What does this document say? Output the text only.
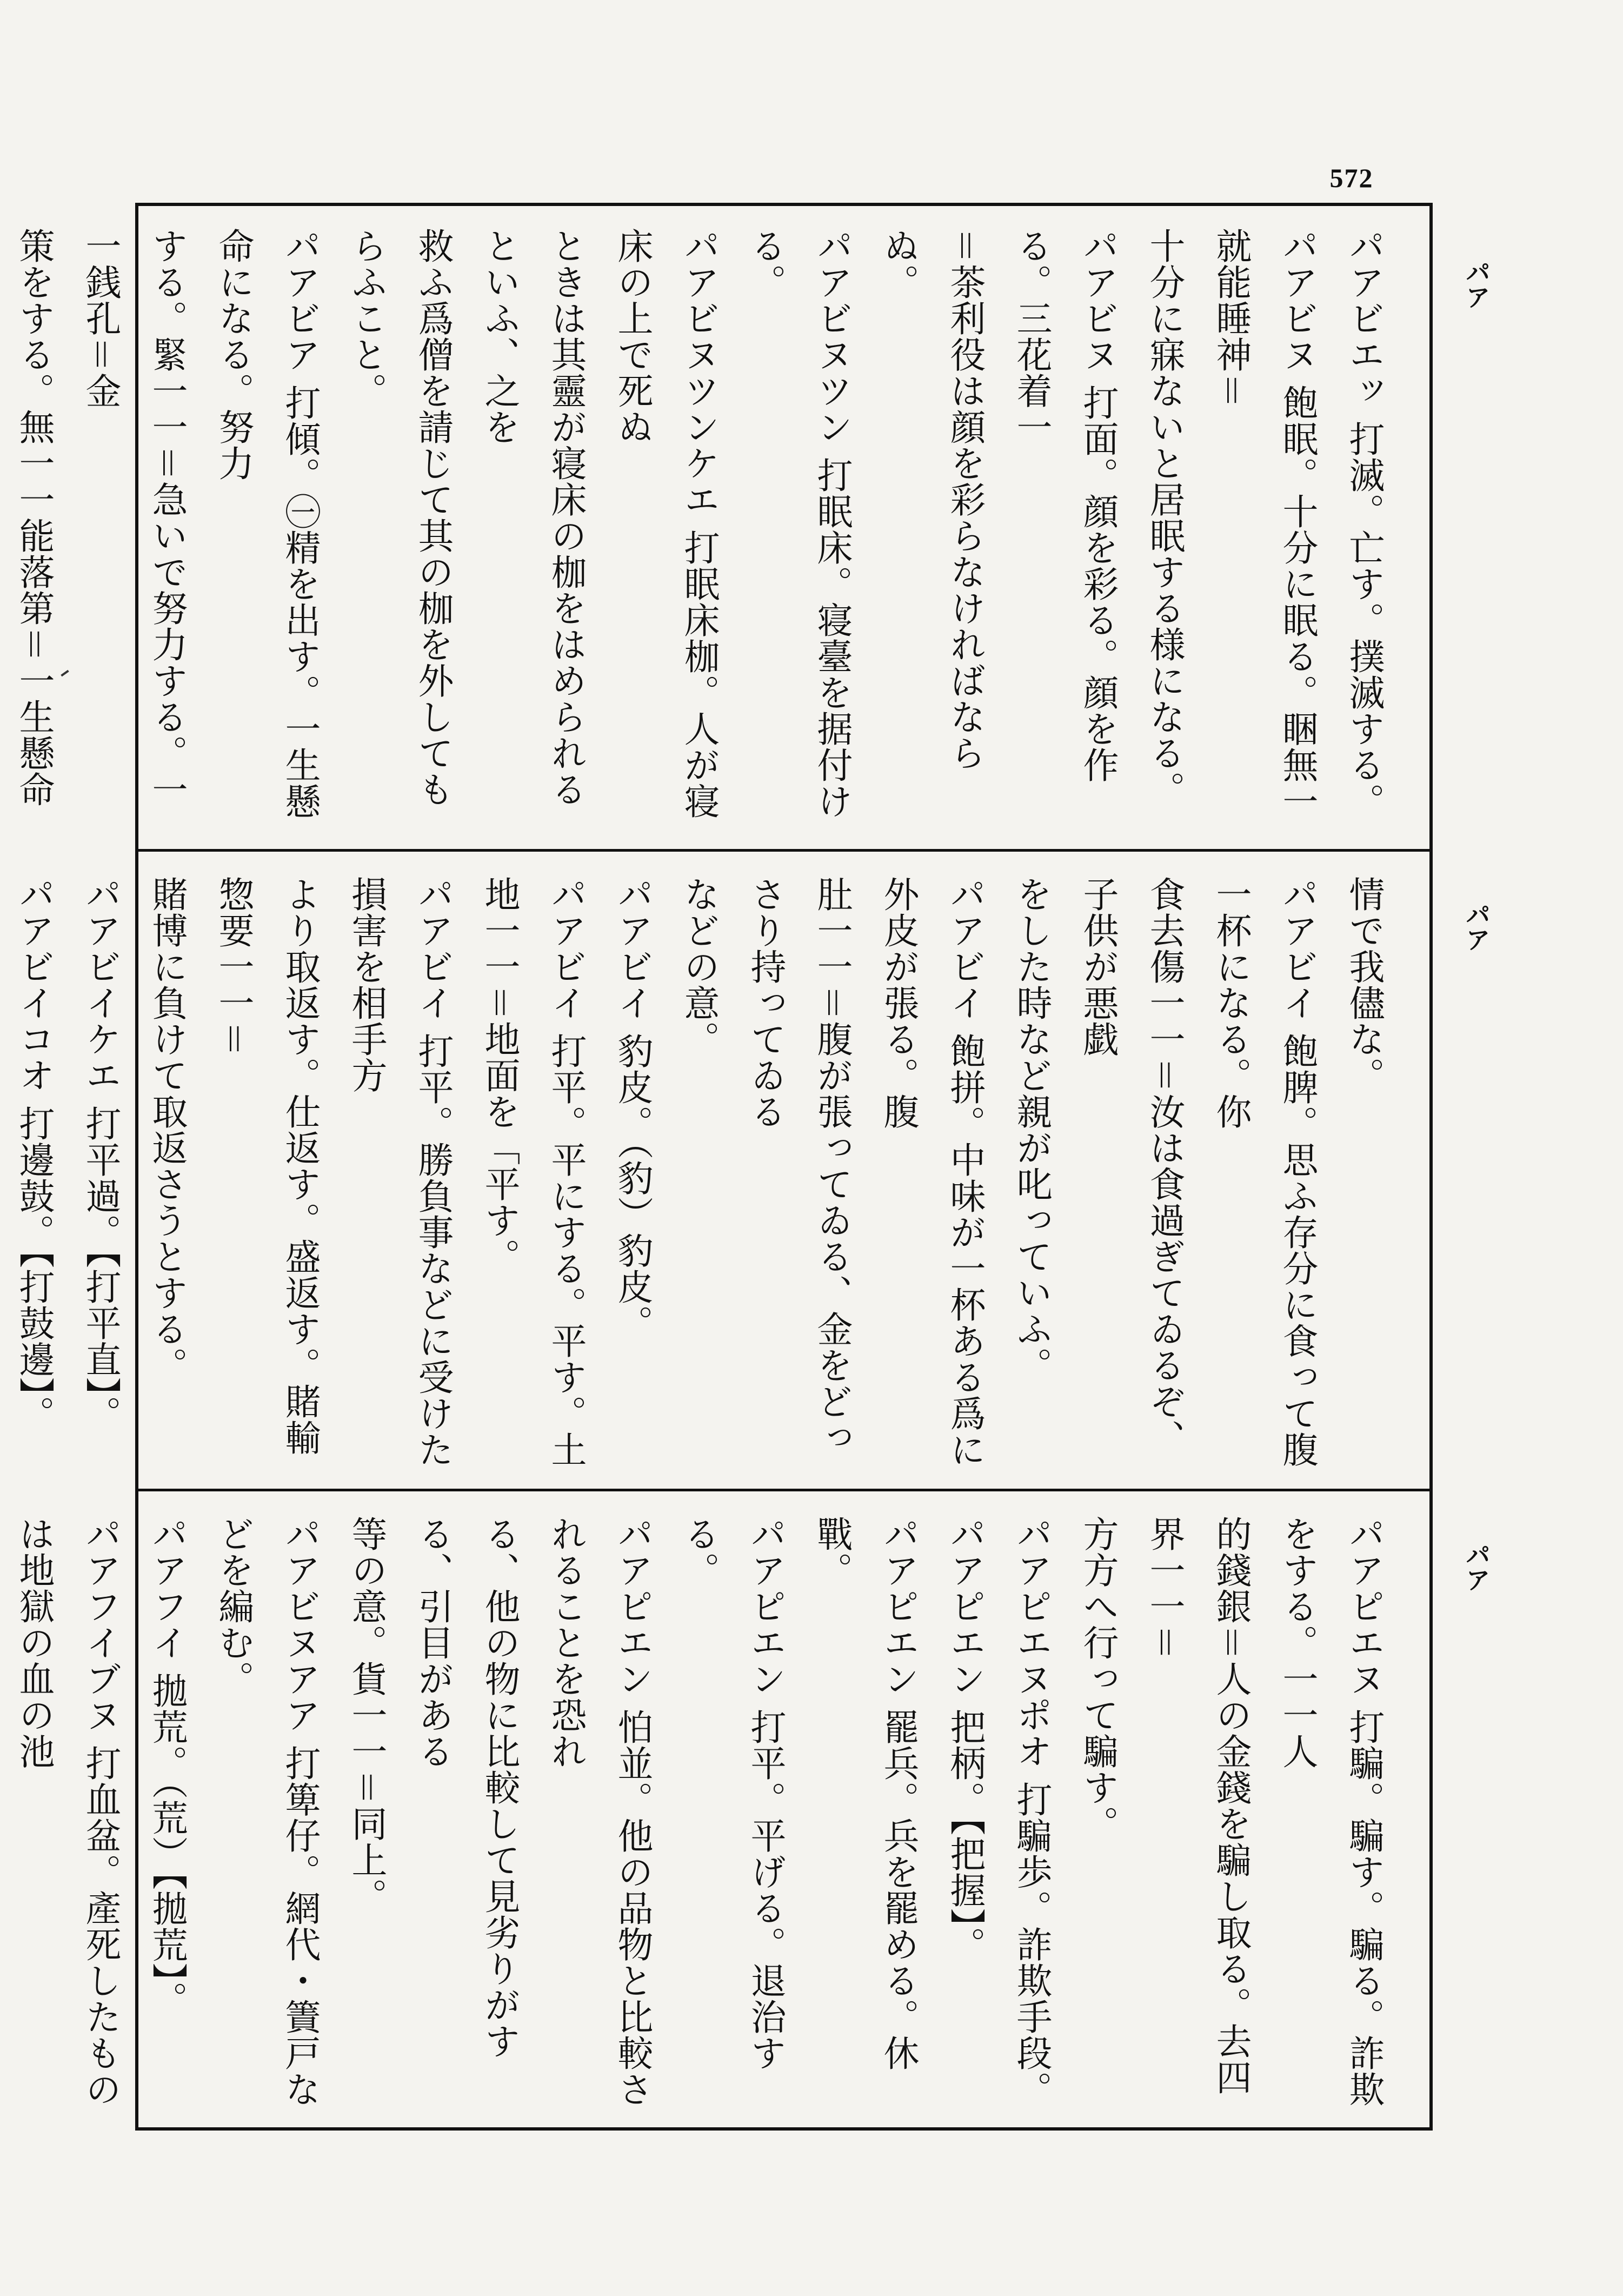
572
パア
パア
パア
パアビエッ 打滅。亡す。撲滅する。
パアビヌ 飽眠。十分に眠る。睏無一就能睡神＝
十分に寐ないと居眠する様になる。
パアビヌ 打面。顔を彩る。顔を作る。三花着一
＝茶利役は顔を彩らなければならぬ。
パアビヌツン 打眠床。寝臺を据付ける。
パアビヌツンケエ 打眠床枷。人が寝床の上で死ぬ
ときは其靈が寝床の枷をはめられるといふ、之を
救ふ爲僧を請じて其の枷を外してもらふこと。
パアビア 打傾。㊀精を出す。一生懸命になる。努力
する。緊一一＝急いで努力する。一一銭孔＝金
策をする。無一一能落第＝一生懸命
情で我儘な。
パアビイ 飽脾。思ふ存分に食って腹一杯になる。你
食去傷一一＝汝は食過ぎてゐるぞ、子供が悪戯
をした時など親が叱っていふ。
パアビイ 飽拼。中味が一杯ある爲に外皮が張る。腹
肚一一＝腹が張ってゐる、金をどっさり持ってゐる
などの意。
パアビイ 豹皮。（豹）豹皮。
パアビイ 打平。平にする。平す。土地一一＝地面を「平す。
パアビイ 打平。勝負事などに受けた損害を相手方
より取返す。仕返す。盛返す。賭輸惣要一一＝
賭博に負けて取返さうとする。
パアビイケエ 打平過。【打平直】。
パアビイコオ 打邊鼓。【打鼓邊】。
パアピエヌ 打騙。騙す。騙る。詐欺をする。一一人
的錢銀＝人の金錢を騙し取る。去四界一一＝
方方へ行って騙す。
パアピエヌポオ 打騙歩。詐欺手段。
パアピエン 把柄。【把握】。
パアピエン 罷兵。兵を罷める。休戰。
パアピエン 打平。平げる。退治する。
パアピエン 怕並。他の品物と比較されることを恐れ
る、他の物に比較して見劣りがする、引目がある
等の意。貨一一＝同上。
パアビヌアア 打箄仔。網代・簀戸などを編む。
パアフイ 拋荒。（荒）【拋荒】。
パアフイブヌ 打血盆。產死したものは地獄の血の池
